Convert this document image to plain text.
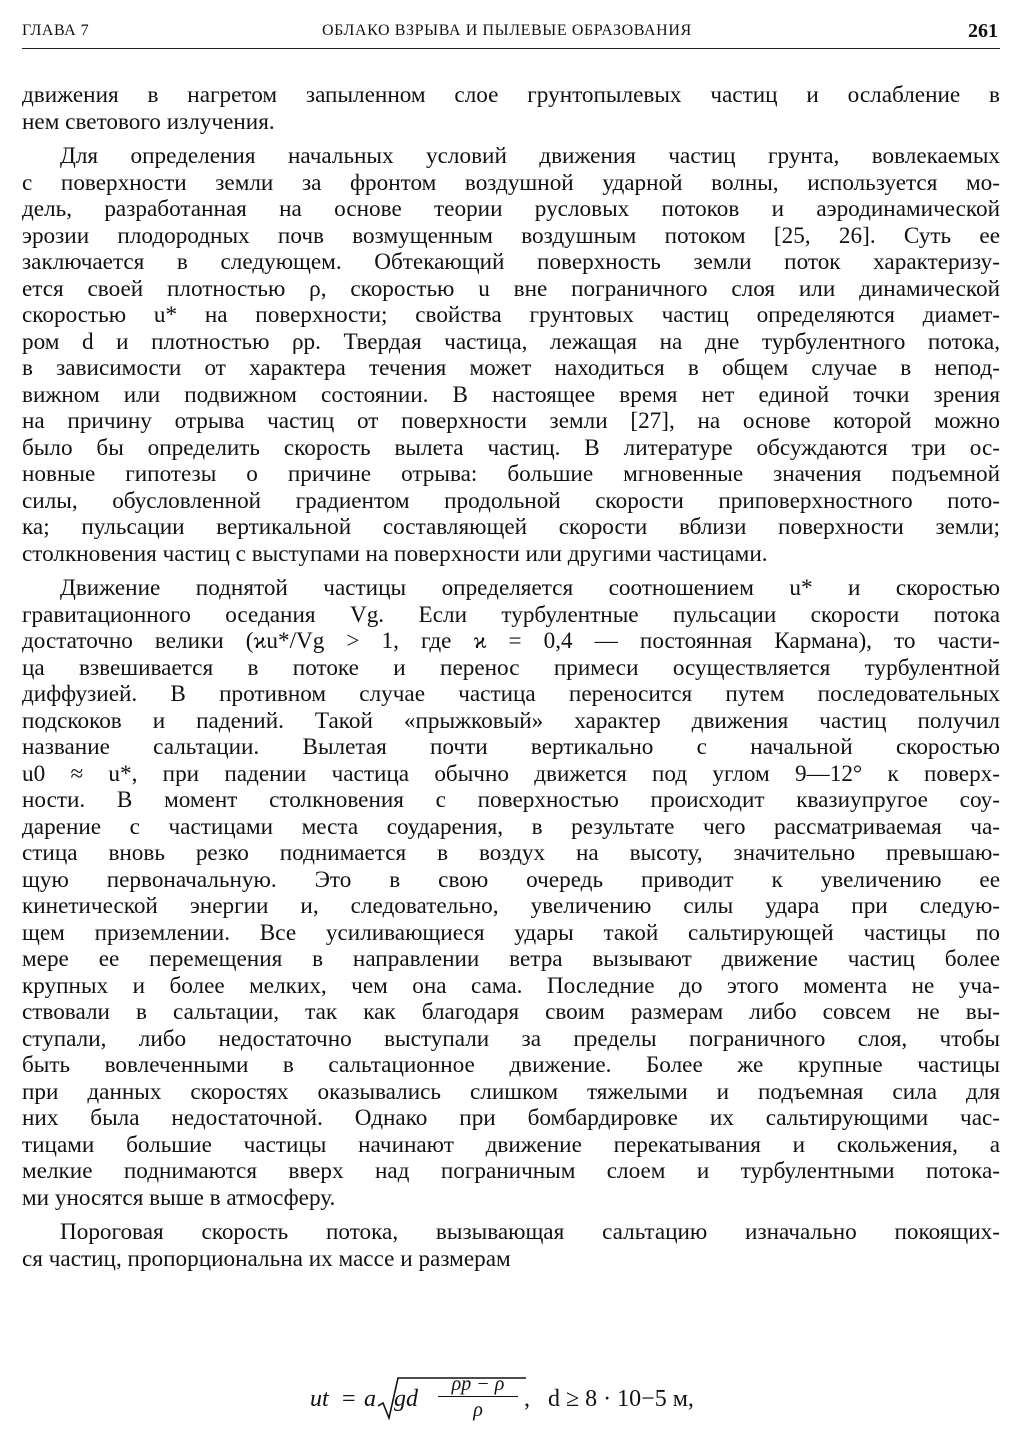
ГЛАВА 7	ОБЛАКО ВЗРЫВА И ПЫЛЕВЫЕ ОБРАЗОВАНИЯ	261

движения в нагретом запыленном слое грунтопылевых частиц и ослабление в
нем светового излучения.

Для определения начальных условий движения частиц грунта, вовлекаемых
с поверхности земли за фронтом воздушной ударной волны, используется мо-
дель, разработанная на основе теории русловых потоков и аэродинамической
эрозии плодородных почв возмущенным воздушным потоком [25, 26]. Суть ее
заключается в следующем. Обтекающий поверхность земли поток характеризу-
ется своей плотностью ρ, скоростью u вне пограничного слоя или динамической
скоростью u* на поверхности; свойства грунтовых частиц определяются диамет-
ром d и плотностью ρp. Твердая частица, лежащая на дне турбулентного потока,
в зависимости от характера течения может находиться в общем случае в непод-
вижном или подвижном состоянии. В настоящее время нет единой точки зрения
на причину отрыва частиц от поверхности земли [27], на основе которой можно
было бы определить скорость вылета частиц. В литературе обсуждаются три ос-
новные гипотезы о причине отрыва: большие мгновенные значения подъемной
силы, обусловленной градиентом продольной скорости приповерхностного пото-
ка; пульсации вертикальной составляющей скорости вблизи поверхности земли;
столкновения частиц с выступами на поверхности или другими частицами.

Движение поднятой частицы определяется соотношением u* и скоростью
гравитационного оседания Vg. Если турбулентные пульсации скорости потока
достаточно велики (ϰu*/Vg > 1, где ϰ = 0,4 — постоянная Кармана), то части-
ца взвешивается в потоке и перенос примеси осуществляется турбулентной
диффузией. В противном случае частица переносится путем последовательных
подскоков и падений. Такой «прыжковый» характер движения частиц получил
название сальтации. Вылетая почти вертикально с начальной скоростью
u0 ≈ u*, при падении частица обычно движется под углом 9—12° к поверх-
ности. В момент столкновения с поверхностью происходит квазиупругое соу-
дарение с частицами места соударения, в результате чего рассматриваемая ча-
стица вновь резко поднимается в воздух на высоту, значительно превышаю-
щую первоначальную. Это в свою очередь приводит к увеличению ее
кинетической энергии и, следовательно, увеличению силы удара при следую-
щем приземлении. Все усиливающиеся удары такой сальтирующей частицы по
мере ее перемещения в направлении ветра вызывают движение частиц более
крупных и более мелких, чем она сама. Последние до этого момента не уча-
ствовали в сальтации, так как благодаря своим размерам либо совсем не вы-
ступали, либо недостаточно выступали за пределы пограничного слоя, чтобы
быть вовлеченными в сальтационное движение. Более же крупные частицы
при данных скоростях оказывались слишком тяжелыми и подъемная сила для
них была недостаточной. Однако при бомбардировке их сальтирующими час-
тицами большие частицы начинают движение перекатывания и скольжения, а
мелкие поднимаются вверх над пограничным слоем и турбулентными потока-
ми уносятся выше в атмосферу.

Пороговая скорость потока, вызывающая сальтацию изначально покоящих-
ся частиц, пропорциональна их массе и размерам

ut = a gd
ρp − ρ
ρ	, d ≥ 8 · 10−5 м,
